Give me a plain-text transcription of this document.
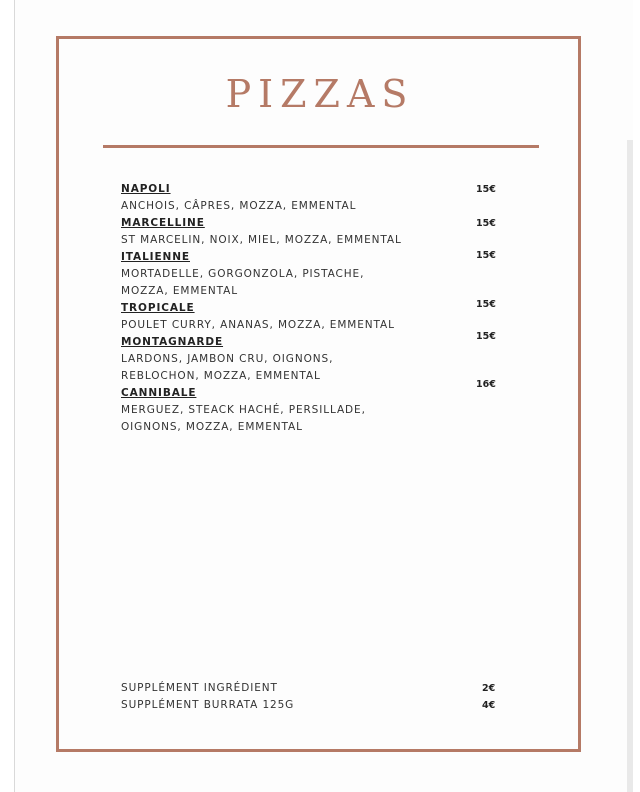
PIZZAS
NAPOLI
ANCHOIS, CÂPRES, MOZZA, EMMENTAL
MARCELLINE
ST MARCELIN, NOIX, MIEL, MOZZA, EMMENTAL
ITALIENNE
MORTADELLE, GORGONZOLA, PISTACHE, MOZZA, EMMENTAL
TROPICALE
POULET CURRY, ANANAS, MOZZA, EMMENTAL
MONTAGNARDE
LARDONS, JAMBON CRU, OIGNONS, REBLOCHON, MOZZA, EMMENTAL
CANNIBALE
MERGUEZ, STEACK HACHÉ, PERSILLADE, OIGNONS, MOZZA, EMMENTAL
15€
15€
15€
15€
15€
16€
SUPPLÉMENT INGRÉDIENT	2€
SUPPLÉMENT BURRATA 125G	4€
